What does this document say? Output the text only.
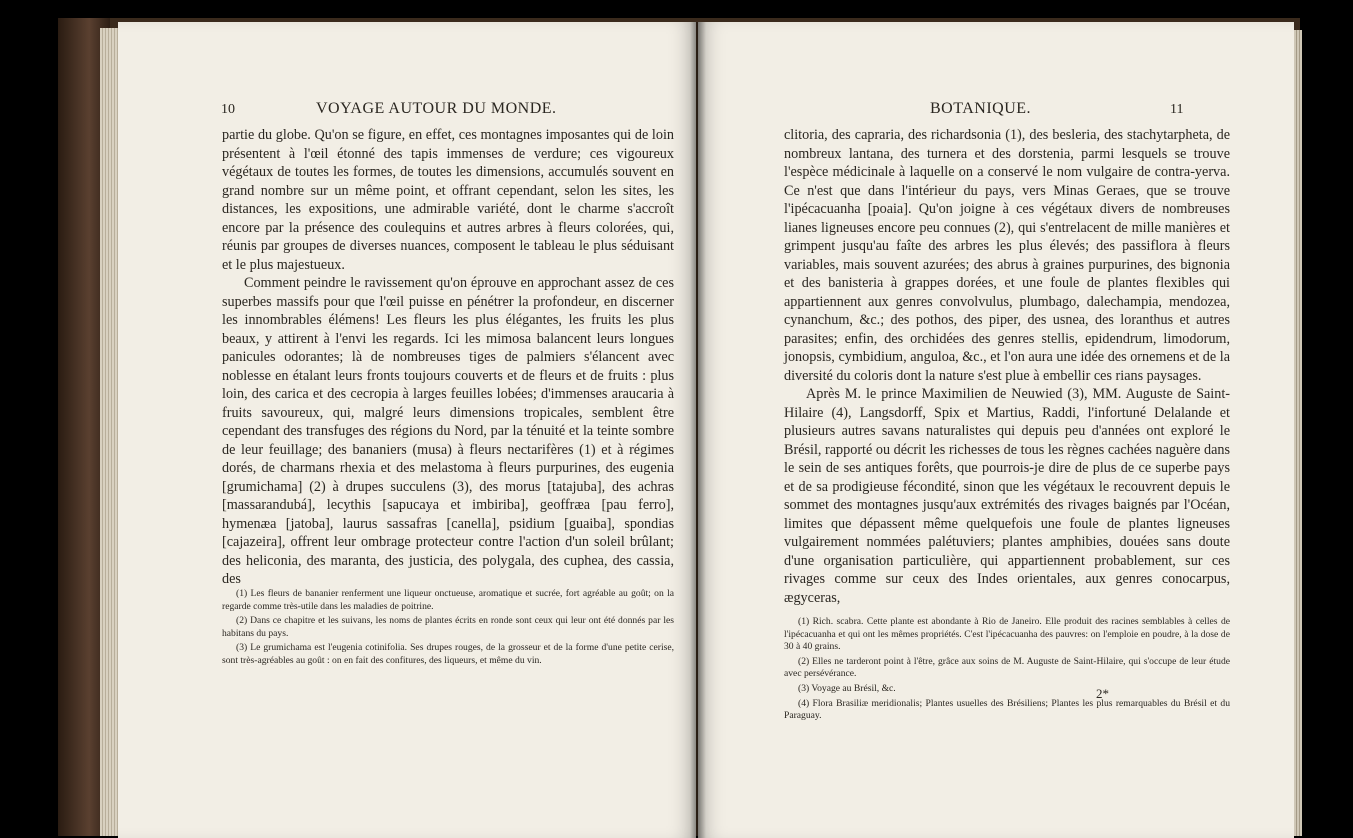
10	VOYAGE AUTOUR DU MONDE.

partie du globe. Qu'on se figure, en effet, ces montagnes imposantes qui de loin présentent à l'œil étonné des tapis immenses de verdure; ces vigoureux végétaux de toutes les formes, de toutes les dimensions, accumulés souvent en grand nombre sur un même point, et offrant cependant, selon les sites, les distances, les expositions, une admirable variété, dont le charme s'accroît encore par la présence des coulequins et autres arbres à fleurs colorées, qui, réunis par groupes de diverses nuances, composent le tableau le plus séduisant et le plus majestueux.

Comment peindre le ravissement qu'on éprouve en approchant assez de ces superbes massifs pour que l'œil puisse en pénétrer la profondeur, en discerner les innombrables élémens! Les fleurs les plus élégantes, les fruits les plus beaux, y attirent à l'envi les regards. Ici les mimosa balancent leurs longues panicules odorantes; là de nombreuses tiges de palmiers s'élancent avec noblesse en étalant leurs fronts toujours couverts et de fleurs et de fruits : plus loin, des carica et des cecropia à larges feuilles lobées; d'immenses araucaria à fruits savoureux, qui, malgré leurs dimensions tropicales, semblent être cependant des transfuges des régions du Nord, par la ténuité et la teinte sombre de leur feuillage; des bananiers (musa) à fleurs nectarifères (1) et à régimes dorés, de charmans rhexia et des melastoma à fleurs purpurines, des eugenia [grumichama] (2) à drupes succulens (3), des morus [tatajuba], des achras [massarandubá], lecythis [sapucaya et imbiriba], geoffræa [pau ferro], hymenæa [jatoba], laurus sassafras [canella], psidium [guaiba], spondias [cajazeira], offrent leur ombrage protecteur contre l'action d'un soleil brûlant; des heliconia, des maranta, des justicia, des polygala, des cuphea, des cassia, des

(1) Les fleurs de bananier renferment une liqueur onctueuse, aromatique et sucrée, fort agréable au goût; on la regarde comme très-utile dans les maladies de poitrine.

(2) Dans ce chapitre et les suivans, les noms de plantes écrits en ronde sont ceux qui leur ont été donnés par les habitans du pays.

(3) Le grumichama est l'eugenia cotinifolia. Ses drupes rouges, de la grosseur et de la forme d'une petite cerise, sont très-agréables au goût : on en fait des confitures, des liqueurs, et même du vin.

BOTANIQUE.	11

clitoria, des capraria, des richardsonia (1), des besleria, des stachytarpheta, de nombreux lantana, des turnera et des dorstenia, parmi lesquels se trouve l'espèce médicinale à laquelle on a conservé le nom vulgaire de contra-yerva. Ce n'est que dans l'intérieur du pays, vers Minas Geraes, que se trouve l'ipécacuanha [poaia]. Qu'on joigne à ces végétaux divers de nombreuses lianes ligneuses encore peu connues (2), qui s'entrelacent de mille manières et grimpent jusqu'au faîte des arbres les plus élevés; des passiflora à fleurs variables, mais souvent azurées; des abrus à graines purpurines, des bignonia et des banisteria à grappes dorées, et une foule de plantes flexibles qui appartiennent aux genres convolvulus, plumbago, dalechampia, mendozea, cynanchum, &c.; des pothos, des piper, des usnea, des loranthus et autres parasites; enfin, des orchidées des genres stellis, epidendrum, limodorum, jonopsis, cymbidium, anguloa, &c., et l'on aura une idée des ornemens et de la diversité du coloris dont la nature s'est plue à embellir ces rians paysages.

Après M. le prince Maximilien de Neuwied (3), MM. Auguste de Saint-Hilaire (4), Langsdorff, Spix et Martius, Raddi, l'infortuné Delalande et plusieurs autres savans naturalistes qui depuis peu d'années ont exploré le Brésil, rapporté ou décrit les richesses de tous les règnes cachées naguère dans le sein de ses antiques forêts, que pourrois-je dire de plus de ce superbe pays et de sa prodigieuse fécondité, sinon que les végétaux le recouvrent depuis le sommet des montagnes jusqu'aux extrémités des rivages baignés par l'Océan, limites que dépassent même quelquefois une foule de plantes ligneuses vulgairement nommées palétuviers; plantes amphibies, douées sans doute d'une organisation particulière, qui appartiennent probablement, sur ces rivages comme sur ceux des Indes orientales, aux genres conocarpus, ægyceras,

(1) Rich. scabra. Cette plante est abondante à Rio de Janeiro. Elle produit des racines semblables à celles de l'ipécacuanha et qui ont les mêmes propriétés. C'est l'ipécacuanha des pauvres: on l'emploie en poudre, à la dose de 30 à 40 grains.

(2) Elles ne tarderont point à l'être, grâce aux soins de M. Auguste de Saint-Hilaire, qui s'occupe de leur étude avec persévérance.

(3) Voyage au Brésil, &c.

(4) Flora Brasiliæ meridionalis; Plantes usuelles des Brésiliens; Plantes les plus remarquables du Brésil et du Paraguay.

2*
